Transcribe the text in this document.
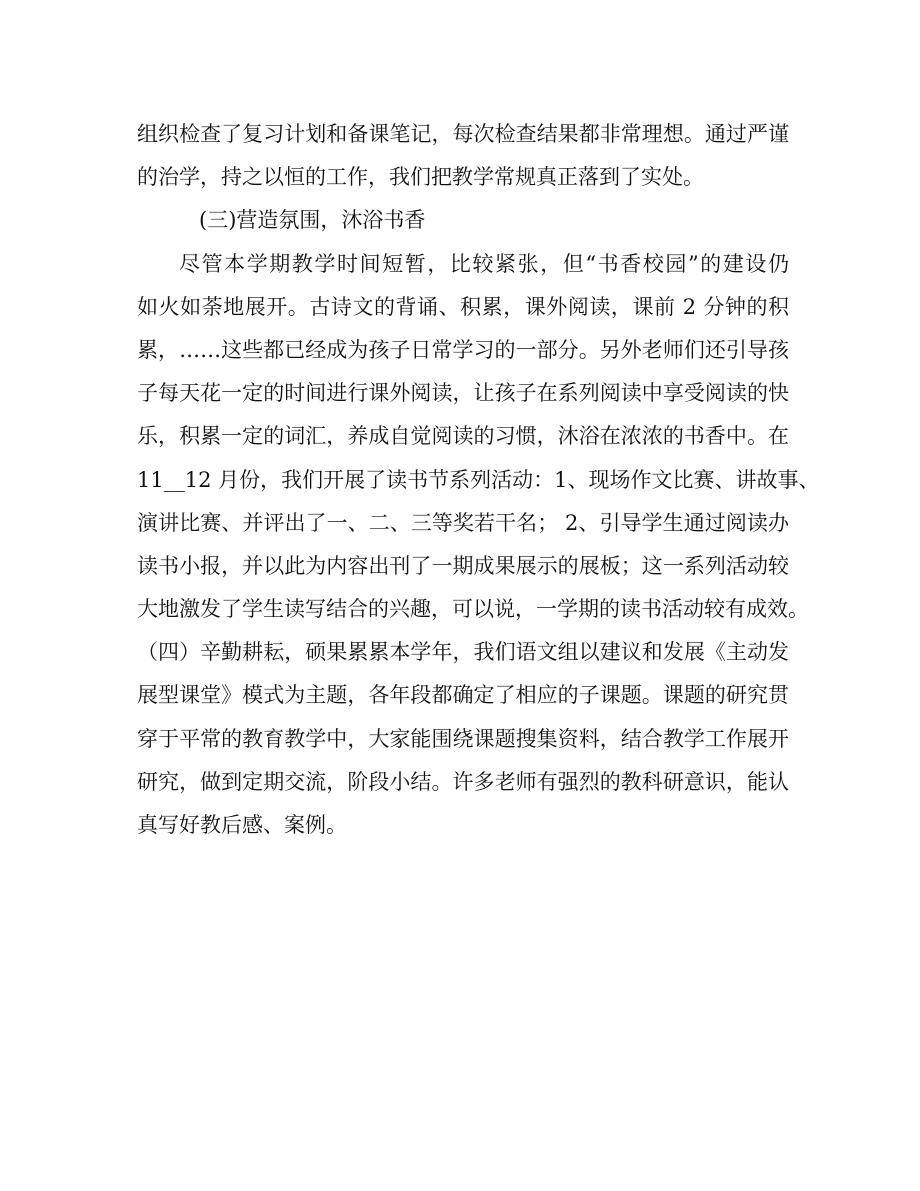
组织检查了复习计划和备课笔记，每次检查结果都非常理想。通过严谨
的治学，持之以恒的工作，我们把教学常规真正落到了实处。
(三)营造氛围，沐浴书香
尽管本学期教学时间短暂，比较紧张，但“书香校园”的建设仍
如火如荼地展开。古诗文的背诵、积累，课外阅读，课前 2 分钟的积
累，……这些都已经成为孩子日常学习的一部分。另外老师们还引导孩
子每天花一定的时间进行课外阅读，让孩子在系列阅读中享受阅读的快
乐，积累一定的词汇，养成自觉阅读的习惯，沐浴在浓浓的书香中。在
11__12 月份，我们开展了读书节系列活动：1、现场作文比赛、讲故事、
演讲比赛、并评出了一、二、三等奖若干名； 2、引导学生通过阅读办
读书小报，并以此为内容出刊了一期成果展示的展板；这一系列活动较
大地激发了学生读写结合的兴趣，可以说，一学期的读书活动较有成效。
（四）辛勤耕耘，硕果累累本学年，我们语文组以建议和发展《主动发
展型课堂》模式为主题，各年段都确定了相应的子课题。课题的研究贯
穿于平常的教育教学中，大家能围绕课题搜集资料，结合教学工作展开
研究，做到定期交流，阶段小结。许多老师有强烈的教科研意识，能认
真写好教后感、案例。
